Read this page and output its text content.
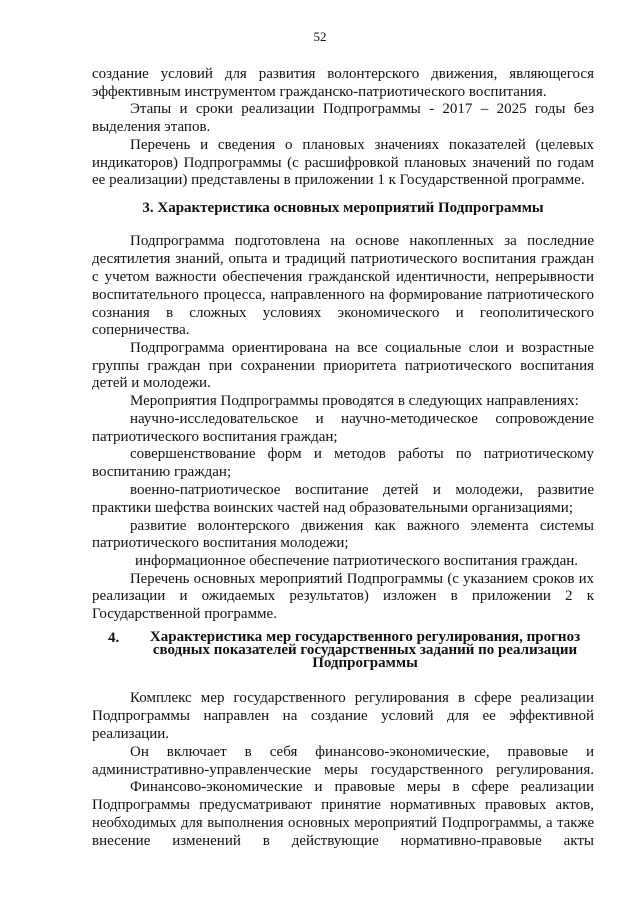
52
создание условий для развития волонтерского движения, являющегося
эффективным инструментом гражданско-патриотического воспитания.
Этапы и сроки реализации Подпрограммы - 2017 – 2025 годы без
выделения этапов.
Перечень и сведения о плановых значениях показателей (целевых
индикаторов) Подпрограммы (с расшифровкой плановых значений по годам
ее реализации) представлены в приложении 1 к Государственной программе.
3. Характеристика основных мероприятий Подпрограммы
Подпрограмма подготовлена на основе накопленных за последние
десятилетия знаний, опыта и традиций патриотического воспитания граждан
с учетом важности обеспечения гражданской идентичности, непрерывности
воспитательного процесса, направленного на формирование патриотического
сознания в сложных условиях экономического и геополитического
соперничества.
Подпрограмма ориентирована на все социальные слои и возрастные
группы граждан при сохранении приоритета патриотического воспитания
детей и молодежи.
Мероприятия Подпрограммы проводятся в следующих направлениях:
научно-исследовательское и научно-методическое сопровождение
патриотического воспитания граждан;
совершенствование форм и методов работы по патриотическому
воспитанию граждан;
военно-патриотическое воспитание детей и молодежи, развитие
практики шефства воинских частей над образовательными организациями;
развитие волонтерского движения как важного элемента системы
патриотического воспитания молодежи;
информационное обеспечение патриотического воспитания граждан.
Перечень основных мероприятий Подпрограммы (с указанием сроков их
реализации и ожидаемых результатов) изложен в приложении 2 к
Государственной программе.
4.	Характеристика мер государственного регулирования, прогноз
сводных показателей государственных заданий по реализации
Подпрограммы
Комплекс мер государственного регулирования в сфере реализации
Подпрограммы направлен на создание условий для ее эффективной
реализации.
Он включает в себя финансово-экономические, правовые и
административно-управленческие меры государственного регулирования.
Финансово-экономические и правовые меры в сфере реализации
Подпрограммы предусматривают принятие нормативных правовых актов,
необходимых для выполнения основных мероприятий Подпрограммы, а также
внесение изменений в действующие нормативно-правовые акты
